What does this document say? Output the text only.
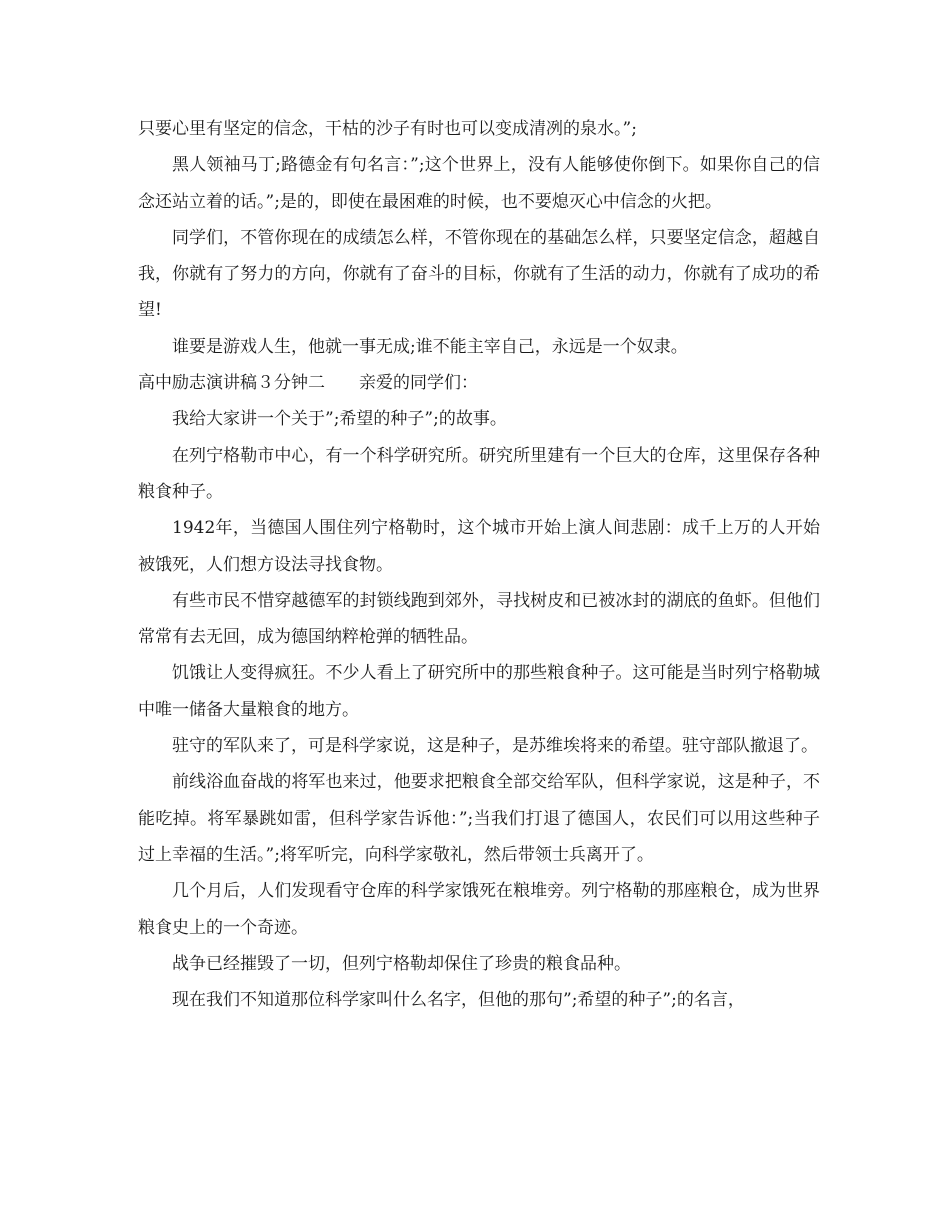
只要心里有坚定的信念，干枯的沙子有时也可以变成清冽的泉水。”;

黑人领袖马丁;路德金有句名言：”;这个世界上，没有人能够使你倒下。如果你自己的信念还站立着的话。”;是的，即使在最困难的时候，也不要熄灭心中信念的火把。

同学们，不管你现在的成绩怎么样，不管你现在的基础怎么样，只要坚定信念，超越自我，你就有了努力的方向，你就有了奋斗的目标，你就有了生活的动力，你就有了成功的希望!

谁要是游戏人生，他就一事无成;谁不能主宰自己，永远是一个奴隶。

高中励志演讲稿３分钟二　　亲爱的同学们：

我给大家讲一个关于”;希望的种子”;的故事。

在列宁格勒市中心，有一个科学研究所。研究所里建有一个巨大的仓库，这里保存各种粮食种子。

1942年，当德国人围住列宁格勒时，这个城市开始上演人间悲剧：成千上万的人开始被饿死，人们想方设法寻找食物。

有些市民不惜穿越德军的封锁线跑到郊外，寻找树皮和已被冰封的湖底的鱼虾。但他们常常有去无回，成为德国纳粹枪弹的牺牲品。

饥饿让人变得疯狂。不少人看上了研究所中的那些粮食种子。这可能是当时列宁格勒城中唯一储备大量粮食的地方。

驻守的军队来了，可是科学家说，这是种子，是苏维埃将来的希望。驻守部队撤退了。

前线浴血奋战的将军也来过，他要求把粮食全部交给军队，但科学家说，这是种子，不能吃掉。将军暴跳如雷，但科学家告诉他：”;当我们打退了德国人，农民们可以用这些种子过上幸福的生活。”;将军听完，向科学家敬礼，然后带领士兵离开了。

几个月后，人们发现看守仓库的科学家饿死在粮堆旁。列宁格勒的那座粮仓，成为世界粮食史上的一个奇迹。

战争已经摧毁了一切，但列宁格勒却保住了珍贵的粮食品种。

现在我们不知道那位科学家叫什么名字，但他的那句”;希望的种子”;的名言，
